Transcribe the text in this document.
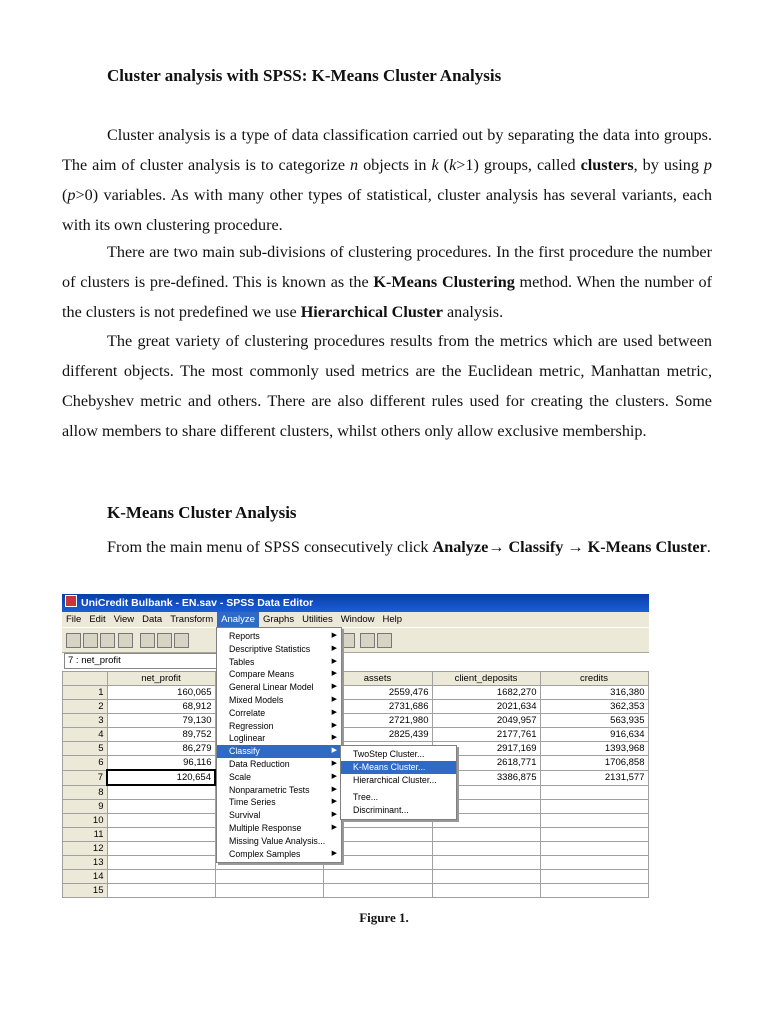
Cluster analysis with SPSS: K-Means Cluster Analysis

Cluster analysis is a type of data classification carried out by separating the data into groups. The aim of cluster analysis is to categorize n objects in k (k>1) groups, called clusters, by using p (p>0) variables. As with many other types of statistical, cluster analysis has several variants, each with its own clustering procedure.

There are two main sub-divisions of clustering procedures. In the first procedure the number of clusters is pre-defined. This is known as the K-Means Clustering method. When the number of the clusters is not predefined we use Hierarchical Cluster analysis.

The great variety of clustering procedures results from the metrics which are used between different objects. The most commonly used metrics are the Euclidean metric, Manhattan metric, Chebyshev metric and others. There are also different rules used for creating the clusters. Some allow members to share different clusters, whilst others only allow exclusive membership.

K-Means Cluster Analysis

From the main menu of SPSS consecutively click Analyze→ Classify → K-Means Cluster.

UniCredit Bulbank - EN.sav - SPSS Data Editor
File Edit View Data Transform Analyze Graphs Utilities Window Help
7 : net_profit
	net_profit		assets	client_deposits	credits
1	160,065		2559,476	1682,270	316,380
2	68,912		2731,686	2021,634	362,353
3	79,130		2721,980	2049,957	563,935
4	89,752		2825,439	2177,761	916,634
5	86,279			2917,169	1393,968
6	96,116			2618,771	1706,858
7	120,654			3386,875	2131,577
8					
9					
10					
11					
12					
13					
14					
15					
Reports	▶
Descriptive Statistics	▶
Tables	▶
Compare Means	▶
General Linear Model	▶
Mixed Models	▶
Correlate	▶
Regression	▶
Loglinear	▶
Classify	▶
Data Reduction	▶
Scale	▶
Nonparametric Tests	▶
Time Series	▶
Survival	▶
Multiple Response	▶
Missing Value Analysis...
Complex Samples	▶
TwoStep Cluster...
K-Means Cluster...
Hierarchical Cluster...
Tree...
Discriminant...
Figure 1.
